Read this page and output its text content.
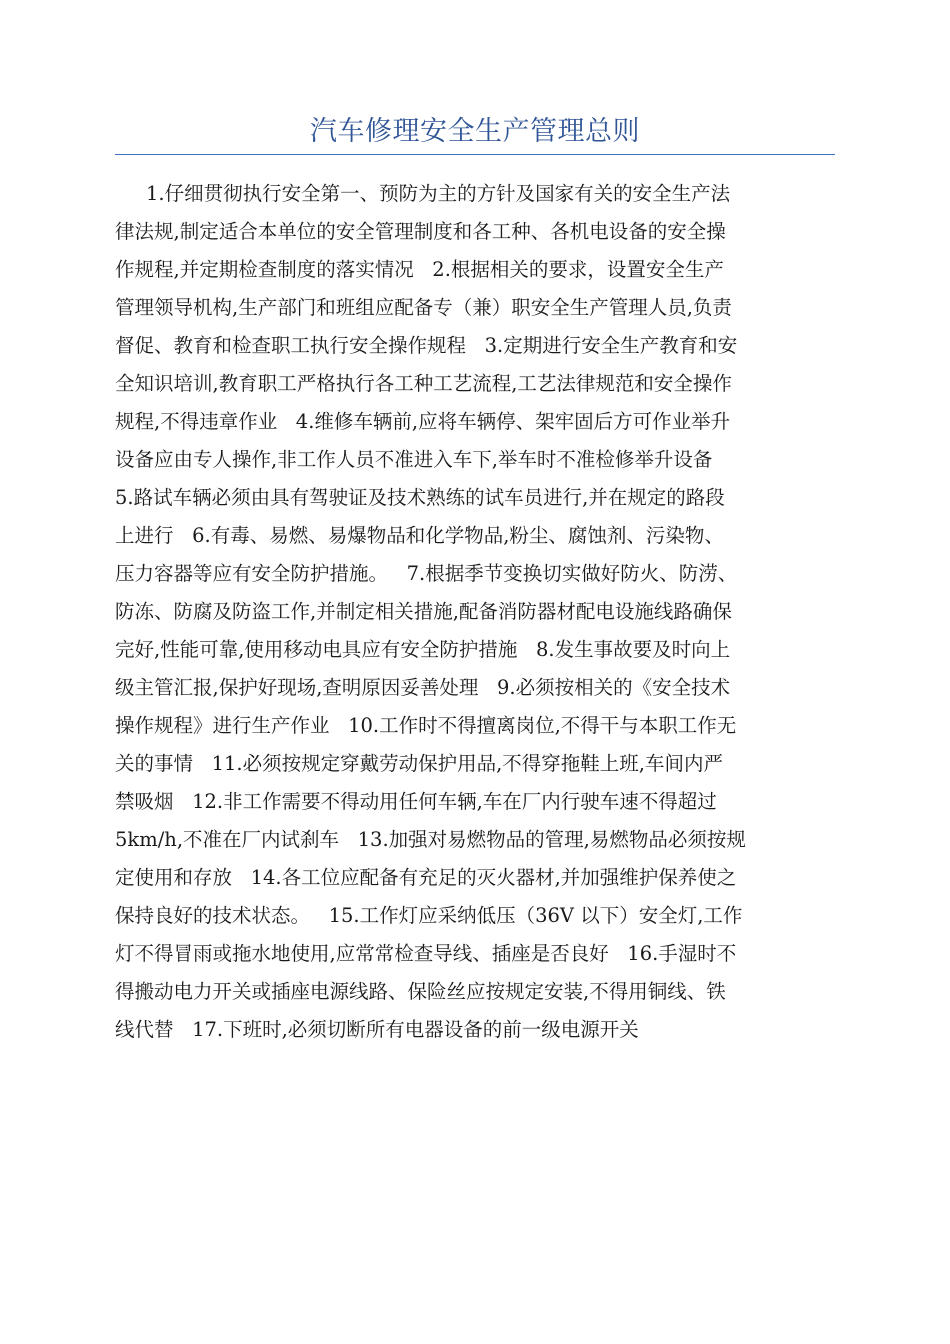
汽车修理安全生产管理总则
1.仔细贯彻执行安全第一、预防为主的方针及国家有关的安全生产法
律法规,制定适合本单位的安全管理制度和各工种、各机电设备的安全操
作规程,并定期检查制度的落实情况   2.根据相关的要求，设置安全生产
管理领导机构,生产部门和班组应配备专（兼）职安全生产管理人员,负责
督促、教育和检查职工执行安全操作规程   3.定期进行安全生产教育和安
全知识培训,教育职工严格执行各工种工艺流程,工艺法律规范和安全操作
规程,不得违章作业   4.维修车辆前,应将车辆停、架牢固后方可作业举升
设备应由专人操作,非工作人员不准进入车下,举车时不准检修举升设备
5.路试车辆必须由具有驾驶证及技术熟练的试车员进行,并在规定的路段
上进行   6.有毒、易燃、易爆物品和化学物品,粉尘、腐蚀剂、污染物、
压力容器等应有安全防护措施。   7.根据季节变换切实做好防火、防涝、
防冻、防腐及防盗工作,并制定相关措施,配备消防器材配电设施线路确保
完好,性能可靠,使用移动电具应有安全防护措施   8.发生事故要及时向上
级主管汇报,保护好现场,查明原因妥善处理   9.必须按相关的《安全技术
操作规程》进行生产作业   10.工作时不得擅离岗位,不得干与本职工作无
关的事情   11.必须按规定穿戴劳动保护用品,不得穿拖鞋上班,车间内严
禁吸烟   12.非工作需要不得动用任何车辆,车在厂内行驶车速不得超过
5km/h,不准在厂内试刹车   13.加强对易燃物品的管理,易燃物品必须按规
定使用和存放   14.各工位应配备有充足的灭火器材,并加强维护保养使之
保持良好的技术状态。   15.工作灯应采纳低压（36V 以下）安全灯,工作
灯不得冒雨或拖水地使用,应常常检查导线、插座是否良好   16.手湿时不
得搬动电力开关或插座电源线路、保险丝应按规定安装,不得用铜线、铁
线代替   17.下班时,必须切断所有电器设备的前一级电源开关
